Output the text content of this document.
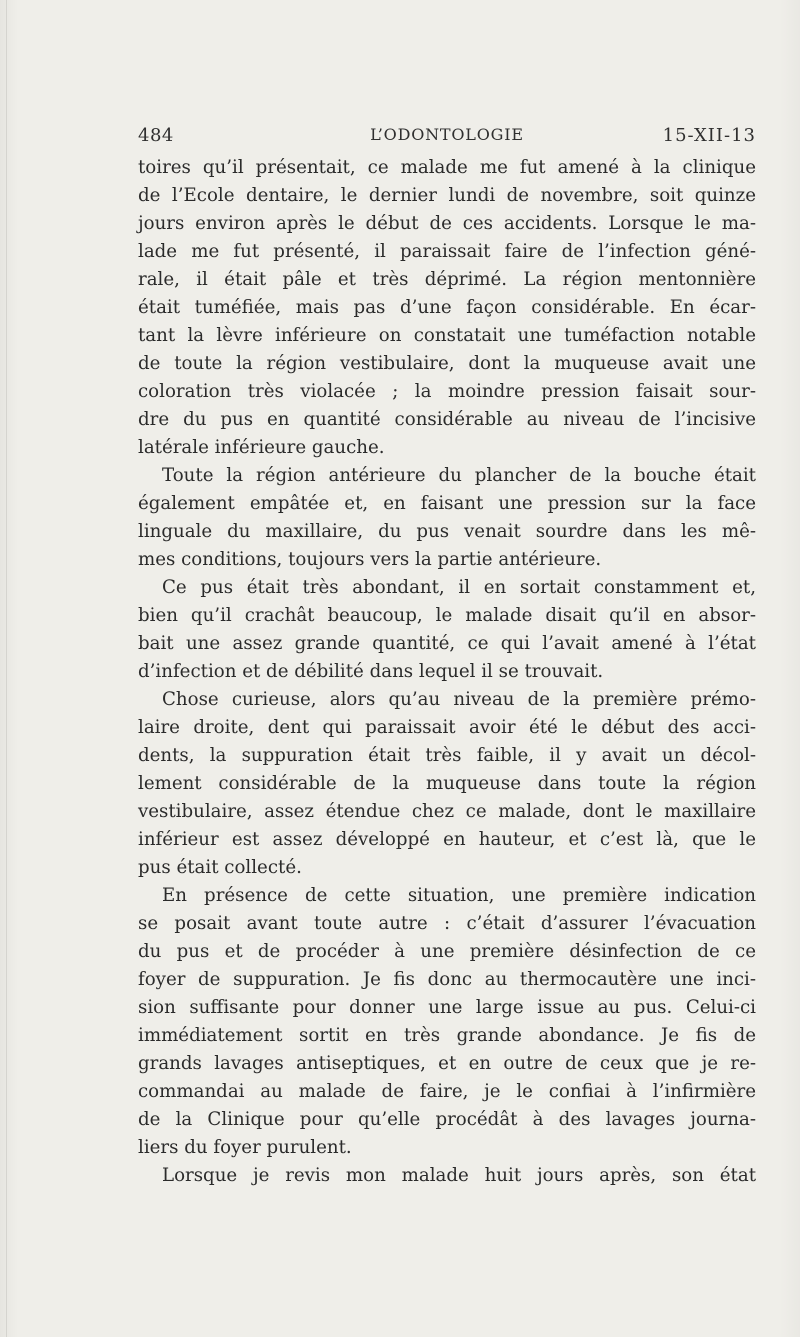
484	L’ODONTOLOGIE	15-XII-13
toires qu’il présentait, ce malade me fut amené à la clinique
de l’Ecole dentaire, le dernier lundi de novembre, soit quinze
jours environ après le début de ces accidents. Lorsque le ma-
lade me fut présenté, il paraissait faire de l’infection géné-
rale, il était pâle et très déprimé. La région mentonnière
était tuméfiée, mais pas d’une façon considérable. En écar-
tant la lèvre inférieure on constatait une tuméfaction notable
de toute la région vestibulaire, dont la muqueuse avait une
coloration très violacée ; la moindre pression faisait sour-
dre du pus en quantité considérable au niveau de l’incisive
latérale inférieure gauche.
Toute la région antérieure du plancher de la bouche était
également empâtée et, en faisant une pression sur la face
linguale du maxillaire, du pus venait sourdre dans les mê-
mes conditions, toujours vers la partie antérieure.
Ce pus était très abondant, il en sortait constamment et,
bien qu’il crachât beaucoup, le malade disait qu’il en absor-
bait une assez grande quantité, ce qui l’avait amené à l’état
d’infection et de débilité dans lequel il se trouvait.
Chose curieuse, alors qu’au niveau de la première prémo-
laire droite, dent qui paraissait avoir été le début des acci-
dents, la suppuration était très faible, il y avait un décol-
lement considérable de la muqueuse dans toute la région
vestibulaire, assez étendue chez ce malade, dont le maxillaire
inférieur est assez développé en hauteur, et c’est là, que le
pus était collecté.
En présence de cette situation, une première indication
se posait avant toute autre : c’était d’assurer l’évacuation
du pus et de procéder à une première désinfection de ce
foyer de suppuration. Je fis donc au thermocautère une inci-
sion suffisante pour donner une large issue au pus. Celui-ci
immédiatement sortit en très grande abondance. Je fis de
grands lavages antiseptiques, et en outre de ceux que je re-
commandai au malade de faire, je le confiai à l’infirmière
de la Clinique pour qu’elle procédât à des lavages journa-
liers du foyer purulent.
Lorsque je revis mon malade huit jours après, son état
